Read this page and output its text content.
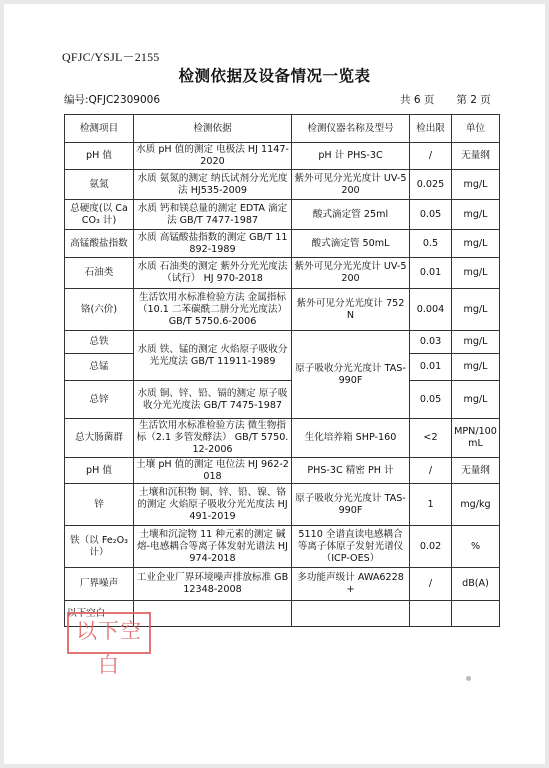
QFJC/YSJL－2155
检测依据及设备情况一览表
编号:QFJC2309006	共 6 页 第 2 页
检测项目	检测依据	检测仪器名称及型号	检出限	单位
pH 值	水质 pH 值的测定 电极法 HJ 1147-2020	pH 计 PHS-3C	/	无量纲
氨氮	水质 氨氮的测定 纳氏试剂分光光度法 HJ535-2009	紫外可见分光光度计 UV-5200	0.025	mg/L
总硬度(以 CaCO₃ 计)	水质 钙和镁总量的测定 EDTA 滴定法 GB/T 7477-1987	酸式滴定管 25ml	0.05	mg/L
高锰酸盐指数	水质 高锰酸盐指数的测定 GB/T 11892-1989	酸式滴定管 50mL	0.5	mg/L
石油类	水质 石油类的测定 紫外分光光度法（试行） HJ 970-2018	紫外可见分光光度计 UV-5200	0.01	mg/L
铬(六价)	生活饮用水标准检验方法 金属指标（10.1 二苯碳酰二肼分光光度法） GB/T 5750.6-2006	紫外可见分光光度计 752N	0.004	mg/L
总铁	水质 铁、锰的测定 火焰原子吸收分光光度法 GB/T 11911-1989	原子吸收分光光度计 TAS-990F	0.03	mg/L
总锰			0.01	mg/L
总锌	水质 铜、锌、铅、镉的测定 原子吸收分光光度法 GB/T 7475-1987		0.05	mg/L
总大肠菌群	生活饮用水标准检验方法 微生物指标（2.1 多管发酵法） GB/T 5750.12-2006	生化培养箱 SHP-160	<2	MPN/100mL
pH 值	土壤 pH 值的测定 电位法 HJ 962-2018	PHS-3C 精密 PH 计	/	无量纲
锌	土壤和沉积物 铜、锌、铅、镍、铬的测定 火焰原子吸收分光光度法 HJ 491-2019	原子吸收分光光度计 TAS-990F	1	mg/kg
铁（以 Fe₂O₃ 计）	土壤和沉淀物 11 种元素的测定 碱熔-电感耦合等离子体发射光谱法 HJ 974-2018	5110 全谱直读电感耦合等离子体原子发射光谱仪（ICP-OES）	0.02	%
厂界噪声	工业企业厂界环境噪声排放标准 GB 12348-2008	多功能声级计 AWA6228+	/	dB(A)
以下空白				
以下空白
